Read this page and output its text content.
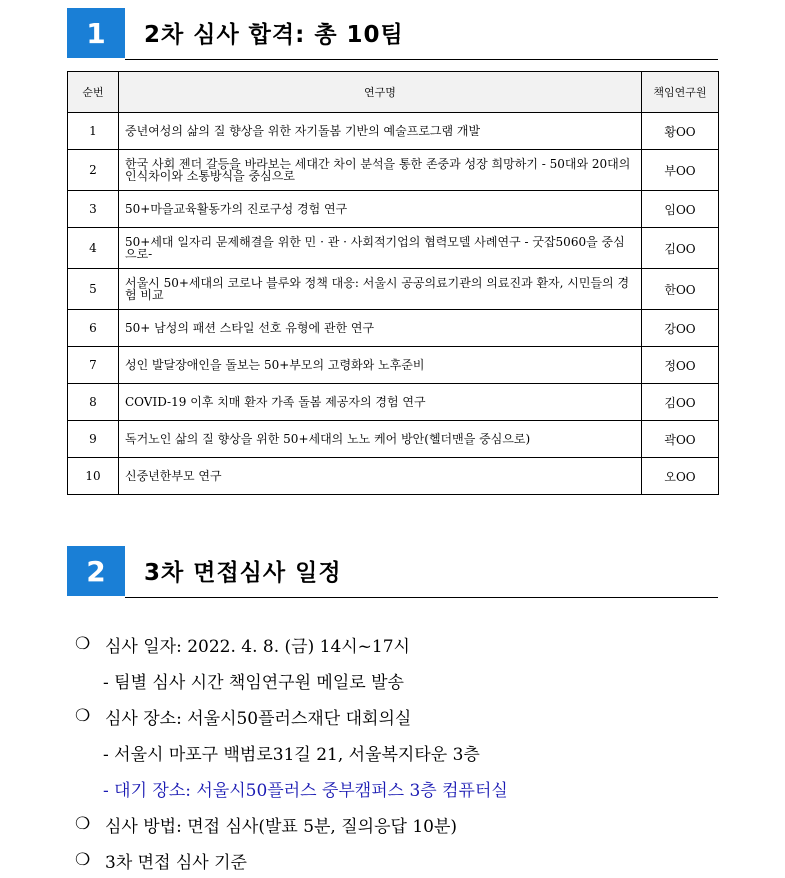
1	2차 심사 합격: 총 10팀
순번	연구명	책임연구원
1	중년여성의 삶의 질 향상을 위한 자기돌봄 기반의 예술프로그램 개발	황OO
2	한국 사회 젠더 갈등을 바라보는 세대간 차이 분석을 통한 존중과 성장 희망하기 - 50대와 20대의 인식차이와 소통방식을 중심으로	부OO
3	50+마을교육활동가의 진로구성 경험 연구	임OO
4	50+세대 일자리 문제해결을 위한 민 · 관 · 사회적기업의 협력모델 사례연구 - 굿잡5060을 중심으로-	김OO
5	서울시 50+세대의 코로나 블루와 정책 대응: 서울시 공공의료기관의 의료진과 환자, 시민들의 경험 비교	한OO
6	50+ 남성의 패션 스타일 선호 유형에 관한 연구	강OO
7	성인 발달장애인을 돌보는 50+부모의 고령화와 노후준비	정OO
8	COVID-19 이후 치매 환자 가족 돌봄 제공자의 경험 연구	김OO
9	독거노인 삶의 질 향상을 위한 50+세대의 노노 케어 방안(헬더맨을 중심으로)	곽OO
10	신중년한부모 연구	오OO
2	3차 면접심사 일정
❍ 심사 일자: 2022. 4. 8. (금) 14시~17시
- 팀별 심사 시간 책임연구원 메일로 발송
❍ 심사 장소: 서울시50플러스재단 대회의실
- 서울시 마포구 백범로31길 21, 서울복지타운 3층
- 대기 장소: 서울시50플러스 중부캠퍼스 3층 컴퓨터실
❍ 심사 방법: 면접 심사(발표 5분, 질의응답 10분)
❍ 3차 면접 심사 기준
